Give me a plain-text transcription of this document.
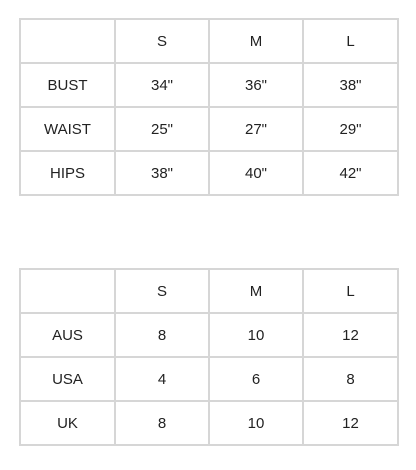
	S	M	L
BUST	34"	36"	38"
WAIST	25"	27"	29"
HIPS	38"	40"	42"
	S	M	L
AUS	8	10	12
USA	4	6	8
UK	8	10	12
